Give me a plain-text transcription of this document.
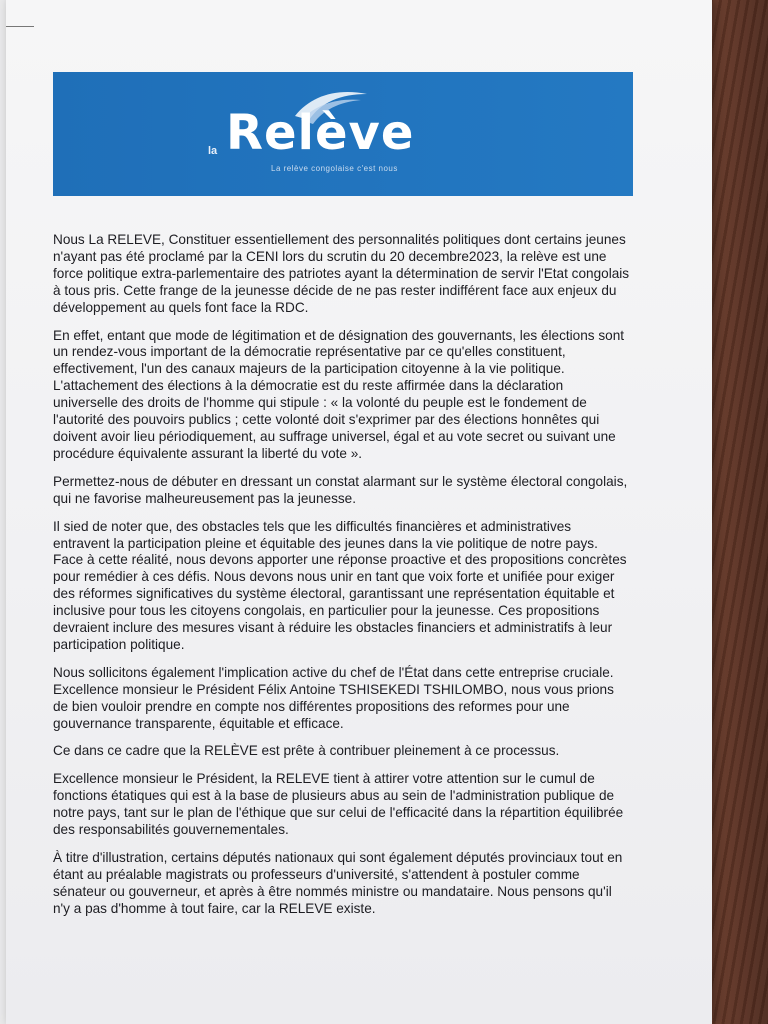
la Relève
La relève congolaise c'est nous

Nous La RELEVE, Constituer essentiellement des personnalités politiques dont certains jeunes n'ayant pas été proclamé par la CENI lors du scrutin du 20 decembre2023, la relève est une force politique extra-parlementaire des patriotes ayant la détermination de servir l'Etat congolais à tous pris. Cette frange de la jeunesse décide de ne pas rester indifférent face aux enjeux du développement au quels font face la RDC.

En effet, entant que mode de légitimation et de désignation des gouvernants, les élections sont un rendez-vous important de la démocratie représentative par ce qu'elles constituent, effectivement, l'un des canaux majeurs de la participation citoyenne à la vie politique. L'attachement des élections à la démocratie est du reste affirmée dans la déclaration universelle des droits de l'homme qui stipule : « la volonté du peuple est le fondement de l'autorité des pouvoirs publics ; cette volonté doit s'exprimer par des élections honnêtes qui doivent avoir lieu périodiquement, au suffrage universel, égal et au vote secret ou suivant une procédure équivalente assurant la liberté du vote ».

Permettez-nous de débuter en dressant un constat alarmant sur le système électoral congolais, qui ne favorise malheureusement pas la jeunesse.

Il sied de noter que, des obstacles tels que les difficultés financières et administratives entravent la participation pleine et équitable des jeunes dans la vie politique de notre pays. Face à cette réalité, nous devons apporter une réponse proactive et des propositions concrètes pour remédier à ces défis. Nous devons nous unir en tant que voix forte et unifiée pour exiger des réformes significatives du système électoral, garantissant une représentation équitable et inclusive pour tous les citoyens congolais, en particulier pour la jeunesse. Ces propositions devraient inclure des mesures visant à réduire les obstacles financiers et administratifs à leur participation politique.

Nous sollicitons également l'implication active du chef de l'État dans cette entreprise cruciale. Excellence monsieur le Président Félix Antoine TSHISEKEDI TSHILOMBO, nous vous prions de bien vouloir prendre en compte nos différentes propositions des reformes pour une gouvernance transparente, équitable et efficace.

Ce dans ce cadre que la RELÈVE est prête à contribuer pleinement à ce processus.

Excellence monsieur le Président, la RELEVE tient à attirer votre attention sur le cumul de fonctions étatiques qui est à la base de plusieurs abus au sein de l'administration publique de notre pays, tant sur le plan de l'éthique que sur celui de l'efficacité dans la répartition équilibrée des responsabilités gouvernementales.

À titre d'illustration, certains députés nationaux qui sont également députés provinciaux tout en étant au préalable magistrats ou professeurs d'université, s'attendent à postuler comme sénateur ou gouverneur, et après à être nommés ministre ou mandataire. Nous pensons qu'il n'y a pas d'homme à tout faire, car la RELEVE existe.
